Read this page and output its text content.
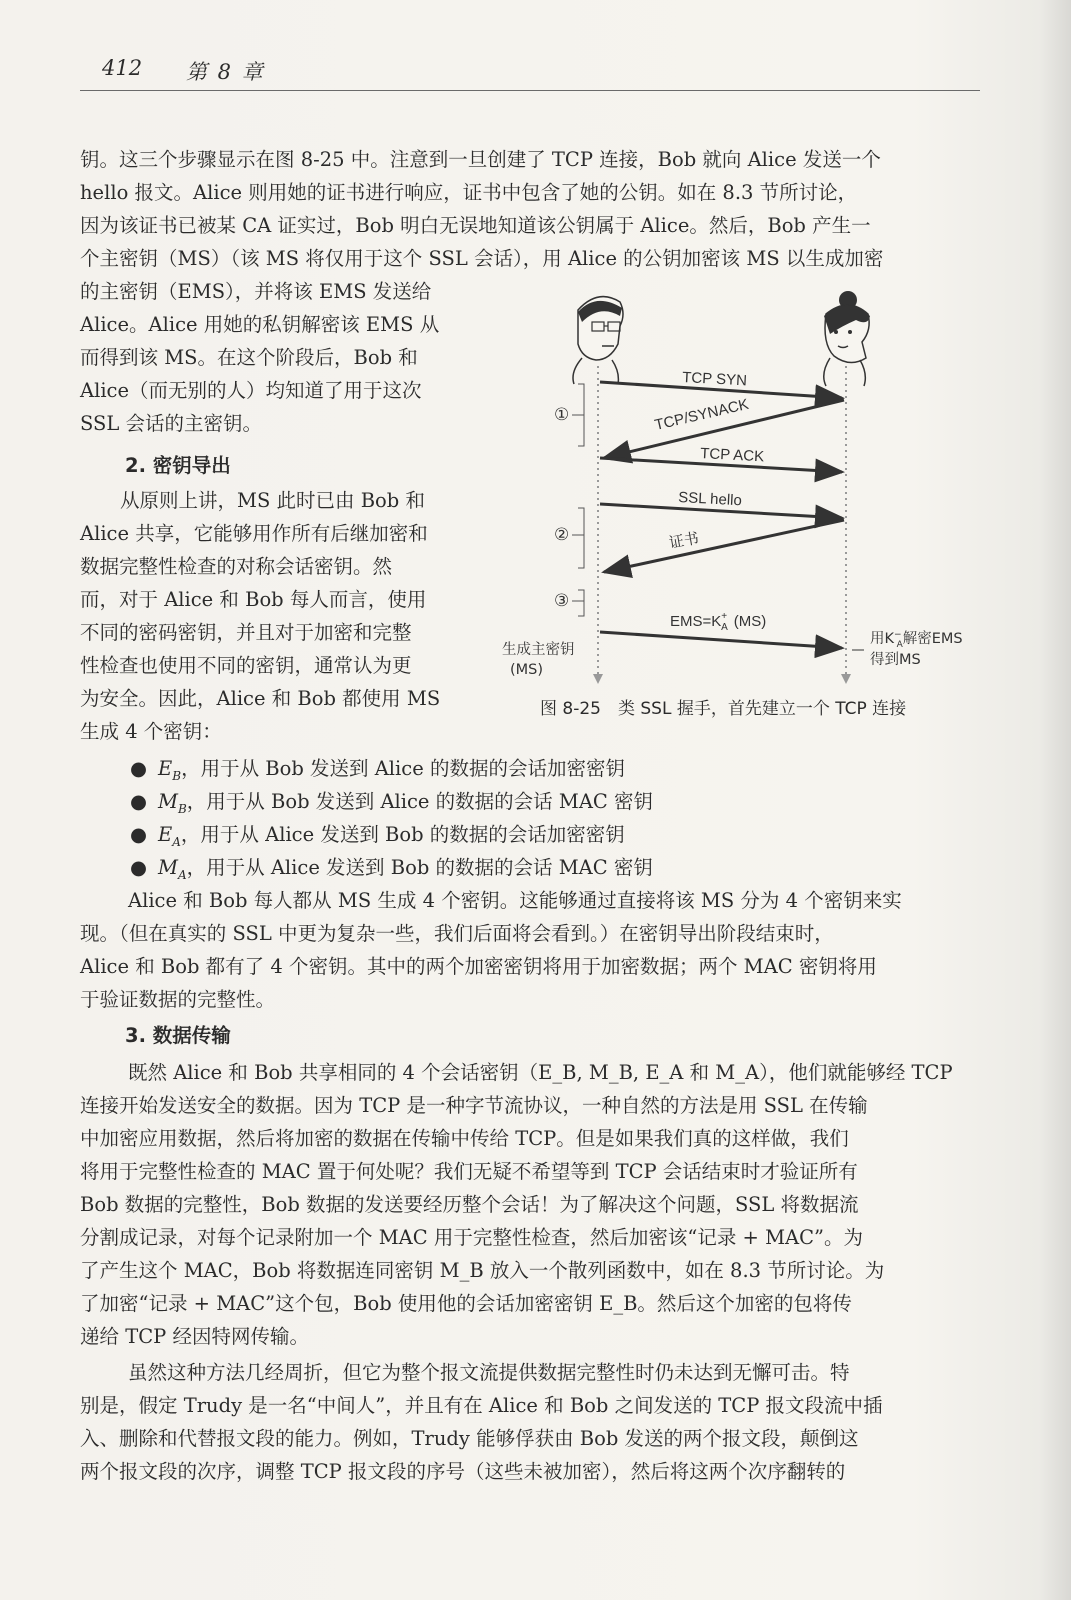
412 第 8 章
钥。这三个步骤显示在图 8-25 中。注意到一旦创建了 TCP 连接，Bob 就向 Alice 发送一个
hello 报文。Alice 则用她的证书进行响应，证书中包含了她的公钥。如在 8.3 节所讨论，
因为该证书已被某 CA 证实过，Bob 明白无误地知道该公钥属于 Alice。然后，Bob 产生一
个主密钥（MS）（该 MS 将仅用于这个 SSL 会话），用 Alice 的公钥加密该 MS 以生成加密
的主密钥（EMS），并将该 EMS 发送给
Alice。Alice 用她的私钥解密该 EMS 从
而得到该 MS。在这个阶段后，Bob 和
Alice（而无别的人）均知道了用于这次
SSL 会话的主密钥。
2. 密钥导出
从原则上讲，MS 此时已由 Bob 和
Alice 共享，它能够用作所有后继加密和
数据完整性检查的对称会话密钥。然
而，对于 Alice 和 Bob 每人而言，使用
不同的密码密钥，并且对于加密和完整
性检查也使用不同的密钥，通常认为更
为安全。因此，Alice 和 Bob 都使用 MS
生成 4 个密钥：
TCP SYN
TCP/SYNACK
TCP ACK
SSL hello
证书
EMS=K+ A (MS)
①
②
③
生成主密钥
(MS)
用K− A解密EMS
得到MS
图 8-25　类 SSL 握手，首先建立一个 TCP 连接
● $E_B$，用于从 Bob 发送到 Alice 的数据的会话加密密钥
● $M_B$，用于从 Bob 发送到 Alice 的数据的会话 MAC 密钥
● $E_A$，用于从 Alice 发送到 Bob 的数据的会话加密密钥
● $M_A$，用于从 Alice 发送到 Bob 的数据的会话 MAC 密钥
Alice 和 Bob 每人都从 MS 生成 4 个密钥。这能够通过直接将该 MS 分为 4 个密钥来实
现。（但在真实的 SSL 中更为复杂一些，我们后面将会看到。）在密钥导出阶段结束时，
Alice 和 Bob 都有了 4 个密钥。其中的两个加密密钥将用于加密数据；两个 MAC 密钥将用
于验证数据的完整性。
3. 数据传输
既然 Alice 和 Bob 共享相同的 4 个会话密钥（E_B, M_B, E_A 和 M_A），他们就能够经 TCP
连接开始发送安全的数据。因为 TCP 是一种字节流协议，一种自然的方法是用 SSL 在传输
中加密应用数据，然后将加密的数据在传输中传给 TCP。但是如果我们真的这样做，我们
将用于完整性检查的 MAC 置于何处呢？我们无疑不希望等到 TCP 会话结束时才验证所有
Bob 数据的完整性，Bob 数据的发送要经历整个会话！为了解决这个问题，SSL 将数据流
分割成记录，对每个记录附加一个 MAC 用于完整性检查，然后加密该“记录 + MAC”。为
了产生这个 MAC，Bob 将数据连同密钥 M_B 放入一个散列函数中，如在 8.3 节所讨论。为
了加密“记录 + MAC”这个包，Bob 使用他的会话加密密钥 E_B。然后这个加密的包将传
递给 TCP 经因特网传输。
虽然这种方法几经周折，但它为整个报文流提供数据完整性时仍未达到无懈可击。特
别是，假定 Trudy 是一名“中间人”，并且有在 Alice 和 Bob 之间发送的 TCP 报文段流中插
入、删除和代替报文段的能力。例如，Trudy 能够俘获由 Bob 发送的两个报文段，颠倒这
两个报文段的次序，调整 TCP 报文段的序号（这些未被加密），然后将这两个次序翻转的
